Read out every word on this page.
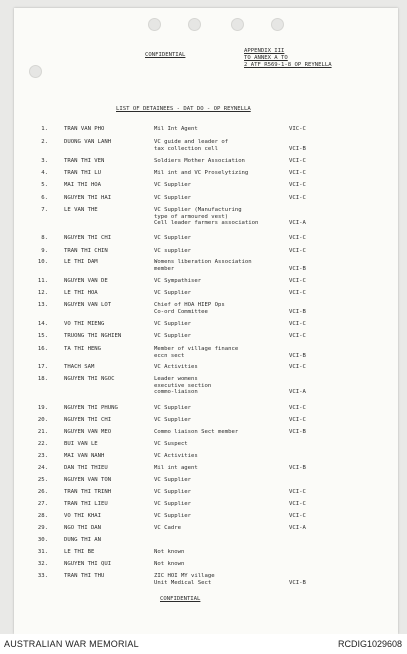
CONFIDENTIAL
APPENDIX III
TO ANNEX A TO
2 ATF R569-1-8 OP REYNELLA
LIST OF DETAINEES - DAT DO - OP REYNELLA
1.	TRAN VAN PHO	Mil Int Agent	VIC-C
2.	DUONG VAN LANH	VC guide and leader of
tax collection cell	VCI-B
3.	TRAN THI VEN	Soldiers Mother Association	VCI-C
4.	TRAN THI LU	Mil int and VC Proselytizing	VCI-C
5.	MAI THI HOA	VC Supplier	VCI-C
6.	NGUYEN THI HAI	VC Supplier	VCI-C
7.	LE VAN THE	VC Supplier (Manufacturing
type of armoured vest)
Cell leader farmers association	VCI-A
8.	NGUYEN THI CHI	VC Supplier	VCI-C
9.	TRAN THI CHIN	VC supplier	VCI-C
10.	LE THI DAM	Womens liberation Association
member	VCI-B
11.	NGUYEN VAN DE	VC Sympathiser	VCI-C
12.	LE THI HOA	VC Supplier	VCI-C
13.	NGUYEN VAN LOT	Chief of HOA HIEP Ops
Co-ord Committee	VCI-B
14.	VO THI MIENG	VC Supplier	VCI-C
15.	TRUONG THI NGHIEN	VC Supplier	VCI-C
16.	TA THI HENG	Member of village finance
eccn sect	VCI-B
17.	THACH SAM	VC Activities	VCI-C
18.	NGUYEN THI NGOC	Leader womens
executive section
commo-liaison	VCI-A
19.	NGUYEN THI PHUNG	VC Supplier	VCI-C
20.	NGUYEN THI CHI	VC Supplier	VCI-C
21.	NGUYEN VAN MEO	Commo liaison Sect member	VCI-B
22.	BUI VAN LE	VC Suspect
23.	MAI VAN NANH	VC Activities
24.	DAN THI THIEU	Mil int agent	VCI-B
25.	NGUYEN VAN TON	VC Supplier
26.	TRAN THI TRINH	VC Supplier	VCI-C
27.	TRAN THI LIEU	VC Supplier	VCI-C
28.	VO THI KHAI	VC Supplier	VCI-C
29.	NGO THI DAN	VC Cadre	VCI-A
30.	DUNG THI AN
31.	LE THI BE	Not known
32.	NGUYEN THI QUI	Not known
33.	TRAN THI THU	ZIC HOI MY village
Unit Medical Sect	VCI-B
CONFIDENTIAL
AUSTRALIAN WAR MEMORIAL	RCDIG1029608
